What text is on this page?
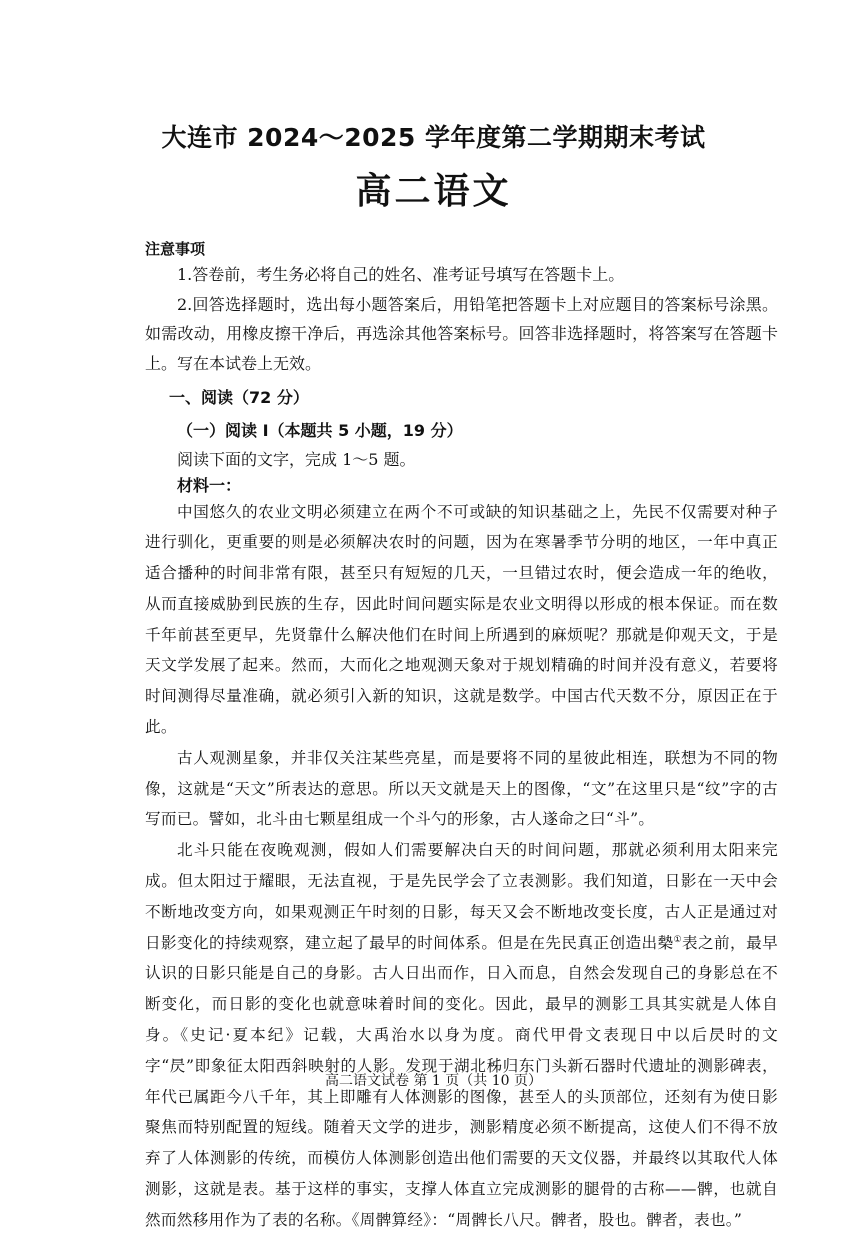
大连市 2024～2025 学年度第二学期期末考试
高二语文
注意事项

1.答卷前，考生务必将自己的姓名、准考证号填写在答题卡上。

2.回答选择题时，选出每小题答案后，用铅笔把答题卡上对应题目的答案标号涂黑。如需改动，用橡皮擦干净后，再选涂其他答案标号。回答非选择题时，将答案写在答题卡上。写在本试卷上无效。

一、阅读（72 分）

（一）阅读 I（本题共 5 小题，19 分）

阅读下面的文字，完成 1～5 题。

材料一：

中国悠久的农业文明必须建立在两个不可或缺的知识基础之上，先民不仅需要对种子进行驯化，更重要的则是必须解决农时的问题，因为在寒暑季节分明的地区，一年中真正适合播种的时间非常有限，甚至只有短短的几天，一旦错过农时，便会造成一年的绝收，从而直接威胁到民族的生存，因此时间问题实际是农业文明得以形成的根本保证。而在数千年前甚至更早，先贤靠什么解决他们在时间上所遇到的麻烦呢？那就是仰观天文，于是天文学发展了起来。然而，大而化之地观测天象对于规划精确的时间并没有意义，若要将时间测得尽量准确，就必须引入新的知识，这就是数学。中国古代天数不分，原因正在于此。

古人观测星象，并非仅关注某些亮星，而是要将不同的星彼此相连，联想为不同的物像，这就是“天文”所表达的意思。所以天文就是天上的图像，“文”在这里只是“纹”字的古写而已。譬如，北斗由七颗星组成一个斗勺的形象，古人遂命之曰“斗”。

北斗只能在夜晚观测，假如人们需要解决白天的时间问题，那就必须利用太阳来完成。但太阳过于耀眼，无法直视，于是先民学会了立表测影。我们知道，日影在一天中会不断地改变方向，如果观测正午时刻的日影，每天又会不断地改变长度，古人正是通过对日影变化的持续观察，建立起了最早的时间体系。但是在先民真正创造出槷①表之前，最早认识的日影只能是自己的身影。古人日出而作，日入而息，自然会发现自己的身影总在不断变化，而日影的变化也就意味着时间的变化。因此，最早的测影工具其实就是人体自身。《史记·夏本纪》记载，大禹治水以身为度。商代甲骨文表现日中以后昃时的文字“昃”即象征太阳西斜映射的人影。发现于湖北秭归东门头新石器时代遗址的测影碑表，年代已属距今八千年，其上即雕有人体测影的图像，甚至人的头顶部位，还刻有为使日影聚焦而特别配置的短线。随着天文学的进步，测影精度必须不断提高，这使人们不得不放弃了人体测影的传统，而模仿人体测影创造出他们需要的天文仪器，并最终以其取代人体测影，这就是表。基于这样的事实，支撑人体直立完成测影的腿骨的古称——髀，也就自然而然移用作为了表的名称。《周髀算经》：“周髀长八尺。髀者，股也。髀者，表也。”

高二语文试卷 第 1 页（共 10 页）
